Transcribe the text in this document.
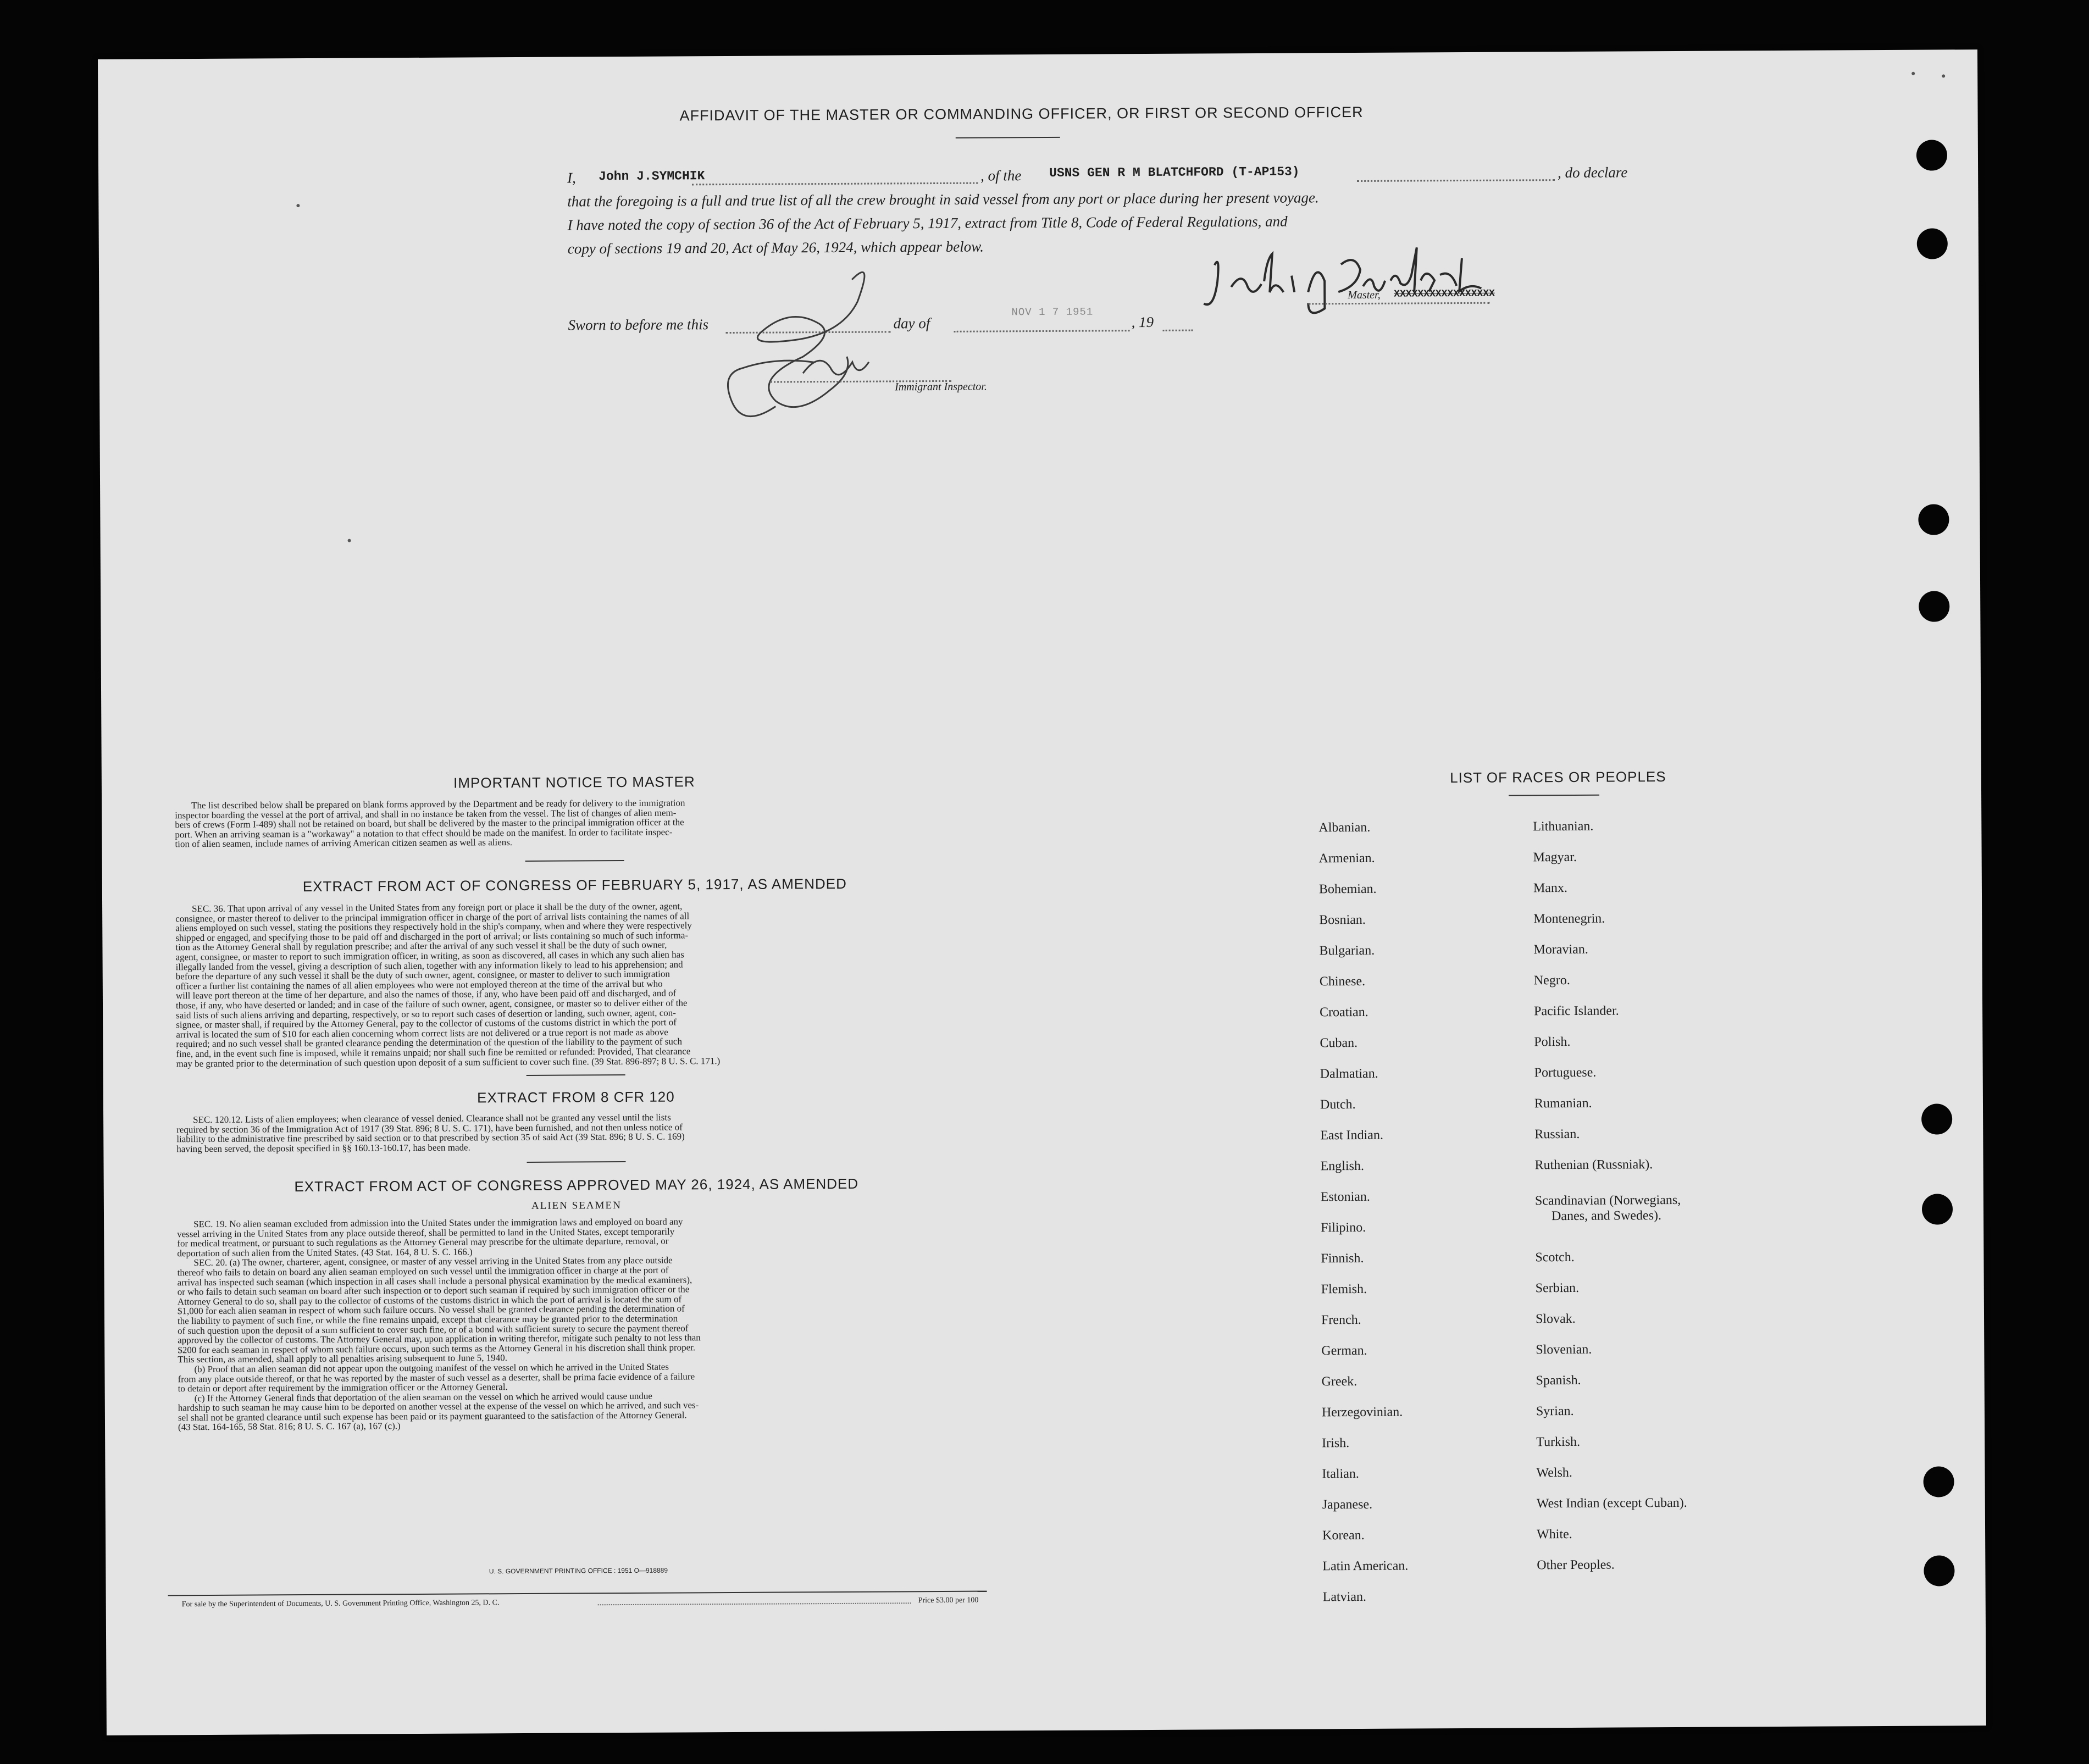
AFFIDAVIT OF THE MASTER OR COMMANDING OFFICER, OR FIRST OR SECOND OFFICER
I, John J.SYMCHIK	, of the USNS GEN R M BLATCHFORD (T-AP153)	, do declare
that the foregoing is a full and true list of all the crew brought in said vessel from any port or place during her present voyage.
I have noted the copy of section 36 of the Act of February 5, 1917, extract from Title 8, Code of Federal Regulations, and
copy of sections 19 and 20, Act of May 26, 1924, which appear below.
Master, XXXXXXXXXXXXXXXXX
Sworn to before me this	day of
NOV 1 7 1951
, 19
Immigrant Inspector.
IMPORTANT NOTICE TO MASTER
The list described below shall be prepared on blank forms approved by the Department and be ready for delivery to the immigration
inspector boarding the vessel at the port of arrival, and shall in no instance be taken from the vessel. The list of changes of alien mem-
bers of crews (Form I-489) shall not be retained on board, but shall be delivered by the master to the principal immigration officer at the
port. When an arriving seaman is a "workaway" a notation to that effect should be made on the manifest. In order to facilitate inspec-
tion of alien seamen, include names of arriving American citizen seamen as well as aliens.
EXTRACT FROM ACT OF CONGRESS OF FEBRUARY 5, 1917, AS AMENDED
SEC. 36. That upon arrival of any vessel in the United States from any foreign port or place it shall be the duty of the owner, agent,
consignee, or master thereof to deliver to the principal immigration officer in charge of the port of arrival lists containing the names of all
aliens employed on such vessel, stating the positions they respectively hold in the ship's company, when and where they were respectively
shipped or engaged, and specifying those to be paid off and discharged in the port of arrival; or lists containing so much of such informa-
tion as the Attorney General shall by regulation prescribe; and after the arrival of any such vessel it shall be the duty of such owner,
agent, consignee, or master to report to such immigration officer, in writing, as soon as discovered, all cases in which any such alien has
illegally landed from the vessel, giving a description of such alien, together with any information likely to lead to his apprehension; and
before the departure of any such vessel it shall be the duty of such owner, agent, consignee, or master to deliver to such immigration
officer a further list containing the names of all alien employees who were not employed thereon at the time of the arrival but who
will leave port thereon at the time of her departure, and also the names of those, if any, who have been paid off and discharged, and of
those, if any, who have deserted or landed; and in case of the failure of such owner, agent, consignee, or master so to deliver either of the
said lists of such aliens arriving and departing, respectively, or so to report such cases of desertion or landing, such owner, agent, con-
signee, or master shall, if required by the Attorney General, pay to the collector of customs of the customs district in which the port of
arrival is located the sum of $10 for each alien concerning whom correct lists are not delivered or a true report is not made as above
required; and no such vessel shall be granted clearance pending the determination of the question of the liability to the payment of such
fine, and, in the event such fine is imposed, while it remains unpaid; nor shall such fine be remitted or refunded: Provided, That clearance
may be granted prior to the determination of such question upon deposit of a sum sufficient to cover such fine. (39 Stat. 896-897; 8 U. S. C. 171.)
EXTRACT FROM 8 CFR 120
SEC. 120.12. Lists of alien employees; when clearance of vessel denied. Clearance shall not be granted any vessel until the lists
required by section 36 of the Immigration Act of 1917 (39 Stat. 896; 8 U. S. C. 171), have been furnished, and not then unless notice of
liability to the administrative fine prescribed by said section or to that prescribed by section 35 of said Act (39 Stat. 896; 8 U. S. C. 169)
having been served, the deposit specified in §§ 160.13-160.17, has been made.
EXTRACT FROM ACT OF CONGRESS APPROVED MAY 26, 1924, AS AMENDED
ALIEN SEAMEN
SEC. 19. No alien seaman excluded from admission into the United States under the immigration laws and employed on board any
vessel arriving in the United States from any place outside thereof, shall be permitted to land in the United States, except temporarily
for medical treatment, or pursuant to such regulations as the Attorney General may prescribe for the ultimate departure, removal, or
deportation of such alien from the United States. (43 Stat. 164, 8 U. S. C. 166.)
SEC. 20. (a) The owner, charterer, agent, consignee, or master of any vessel arriving in the United States from any place outside
thereof who fails to detain on board any alien seaman employed on such vessel until the immigration officer in charge at the port of
arrival has inspected such seaman (which inspection in all cases shall include a personal physical examination by the medical examiners),
or who fails to detain such seaman on board after such inspection or to deport such seaman if required by such immigration officer or the
Attorney General to do so, shall pay to the collector of customs of the customs district in which the port of arrival is located the sum of
$1,000 for each alien seaman in respect of whom such failure occurs. No vessel shall be granted clearance pending the determination of
the liability to payment of such fine, or while the fine remains unpaid, except that clearance may be granted prior to the determination
of such question upon the deposit of a sum sufficient to cover such fine, or of a bond with sufficient surety to secure the payment thereof
approved by the collector of customs. The Attorney General may, upon application in writing therefor, mitigate such penalty to not less than
$200 for each seaman in respect of whom such failure occurs, upon such terms as the Attorney General in his discretion shall think proper.
This section, as amended, shall apply to all penalties arising subsequent to June 5, 1940.
(b) Proof that an alien seaman did not appear upon the outgoing manifest of the vessel on which he arrived in the United States
from any place outside thereof, or that he was reported by the master of such vessel as a deserter, shall be prima facie evidence of a failure
to detain or deport after requirement by the immigration officer or the Attorney General.
(c) If the Attorney General finds that deportation of the alien seaman on the vessel on which he arrived would cause undue
hardship to such seaman he may cause him to be deported on another vessel at the expense of the vessel on which he arrived, and such ves-
sel shall not be granted clearance until such expense has been paid or its payment guaranteed to the satisfaction of the Attorney General.
(43 Stat. 164-165, 58 Stat. 816; 8 U. S. C. 167 (a), 167 (c).)
U. S. GOVERNMENT PRINTING OFFICE : 1951 O—918889
For sale by the Superintendent of Documents, U. S. Government Printing Office, Washington 25, D. C.	Price $3.00 per 100
LIST OF RACES OR PEOPLES
Albanian.
Armenian.
Bohemian.
Bosnian.
Bulgarian.
Chinese.
Croatian.
Cuban.
Dalmatian.
Dutch.
East Indian.
English.
Estonian.
Filipino.
Finnish.
Flemish.
French.
German.
Greek.
Herzegovinian.
Irish.
Italian.
Japanese.
Korean.
Latin American.
Latvian.
Lithuanian.
Magyar.
Manx.
Montenegrin.
Moravian.
Negro.
Pacific Islander.
Polish.
Portuguese.
Rumanian.
Russian.
Ruthenian (Russniak).
Scandinavian (Norwegians,
Danes, and Swedes).
Scotch.
Serbian.
Slovak.
Slovenian.
Spanish.
Syrian.
Turkish.
Welsh.
West Indian (except Cuban).
White.
Other Peoples.
